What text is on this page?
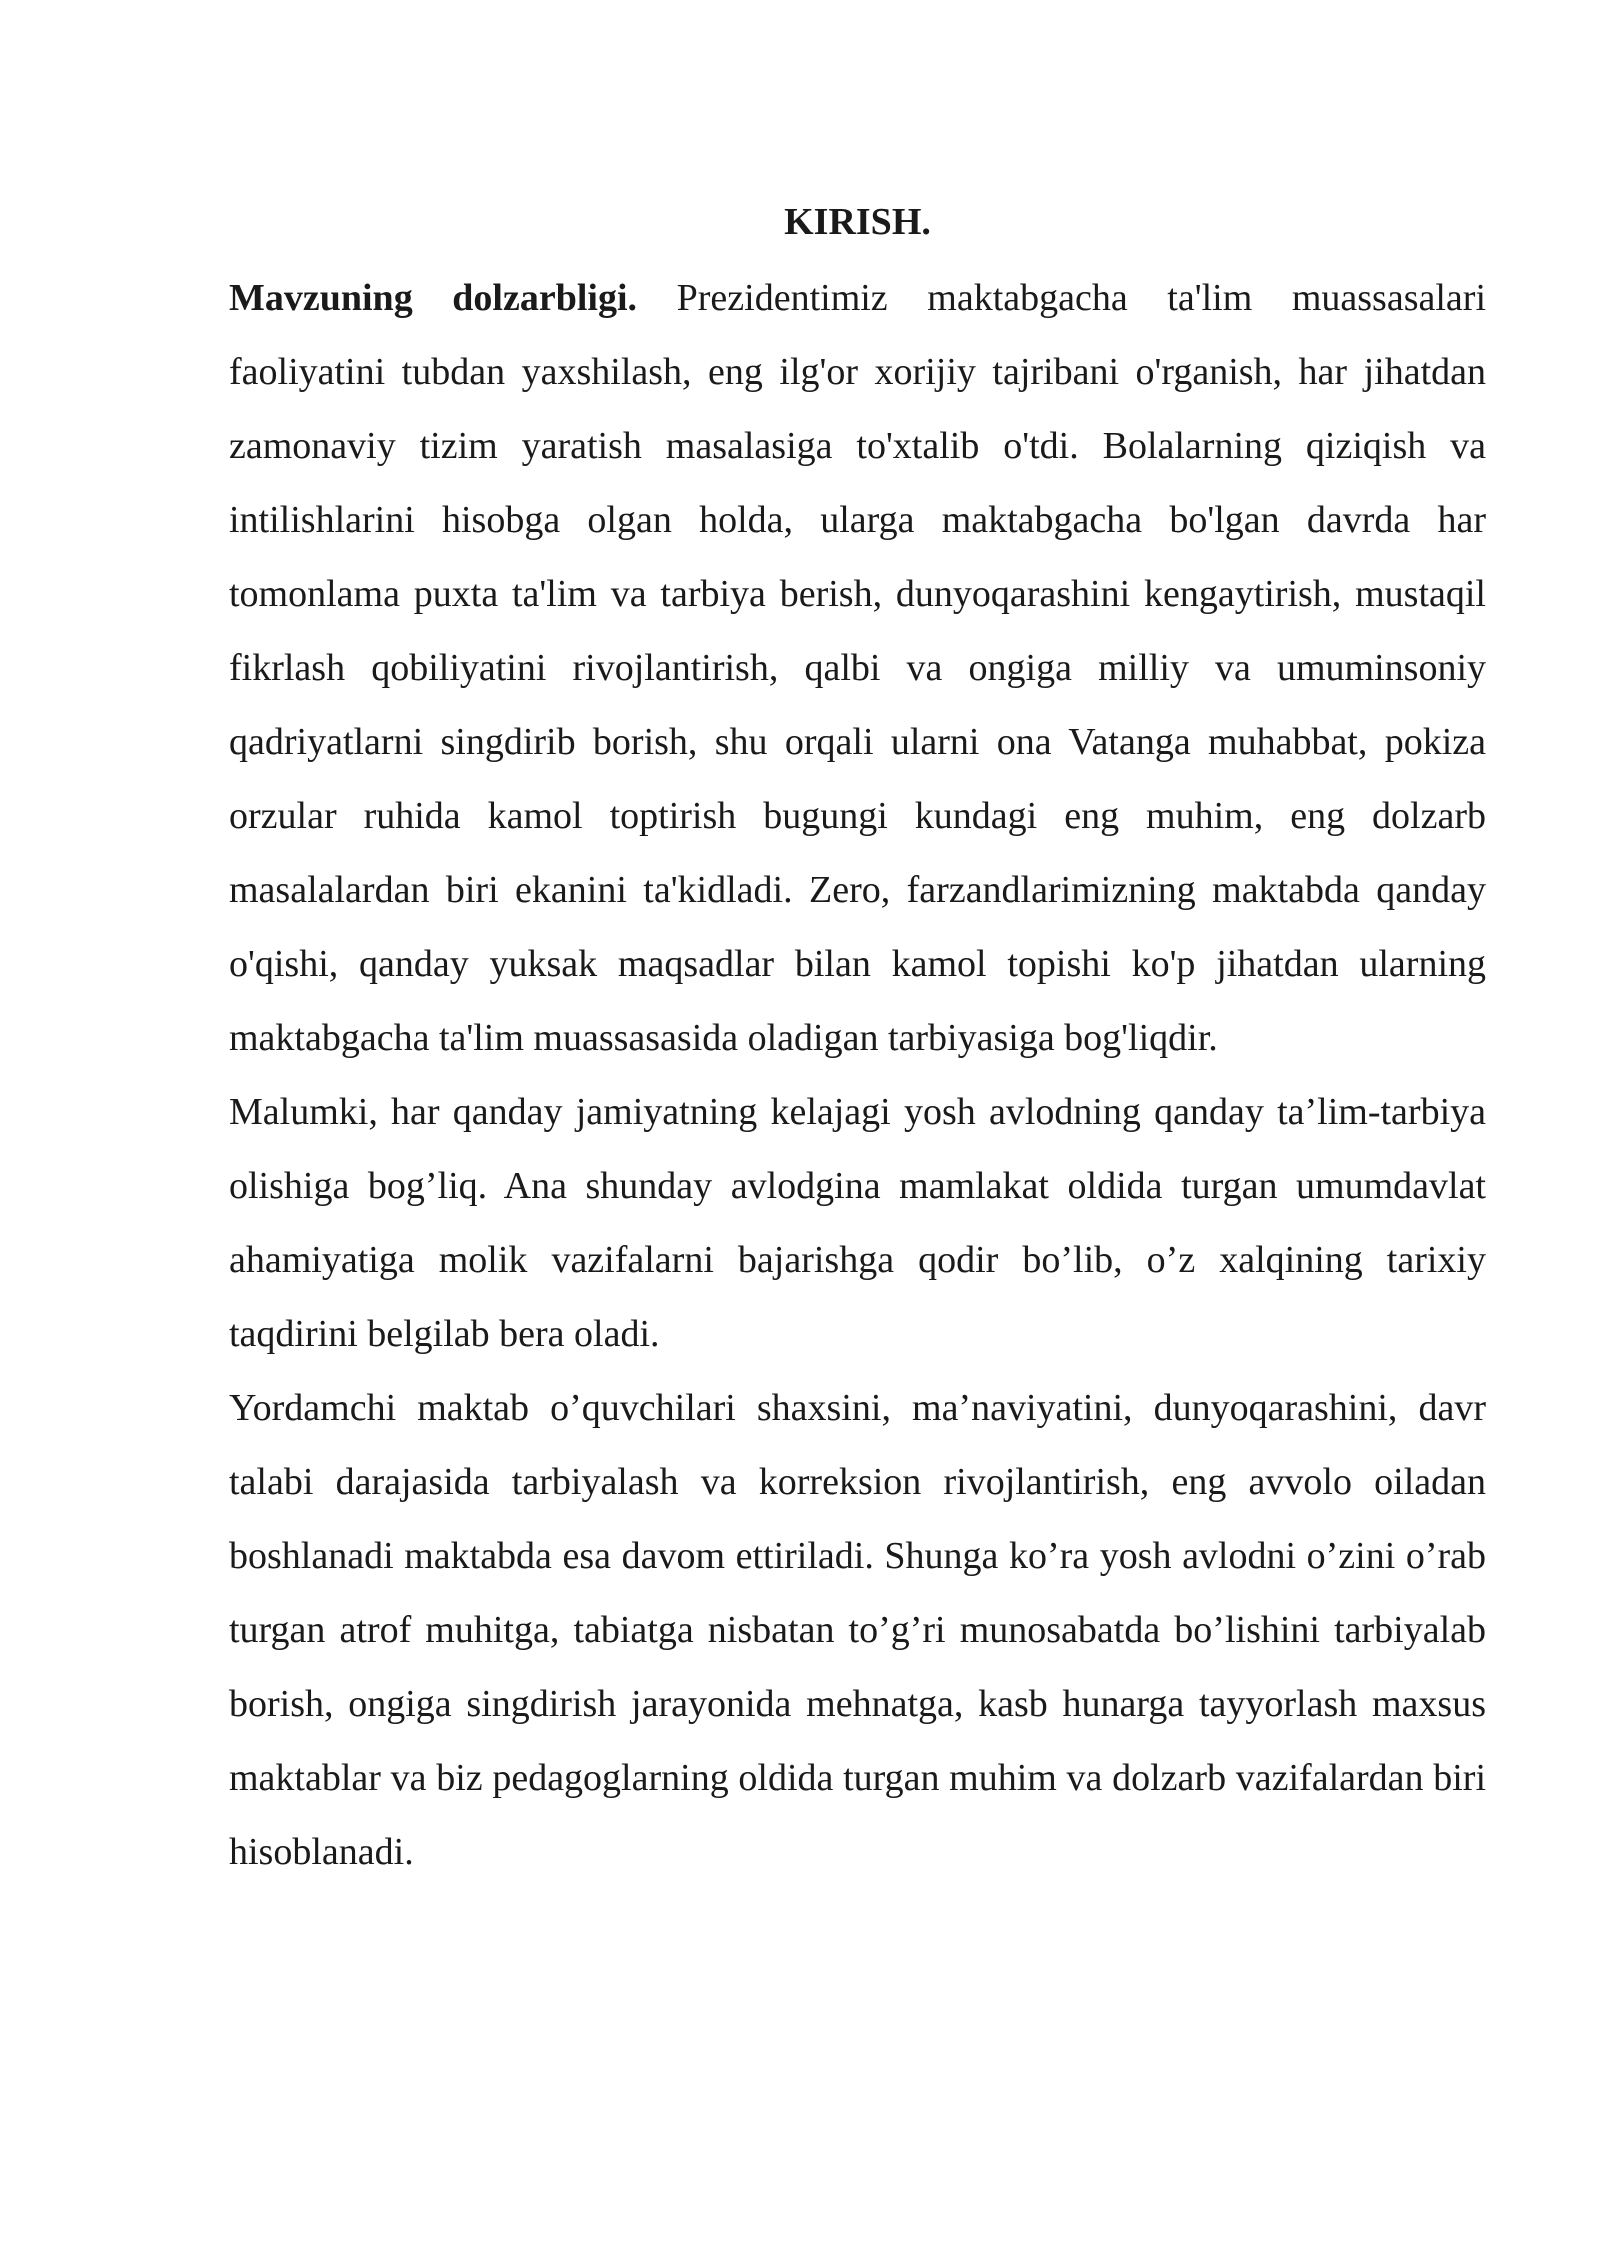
KIRISH.

Mavzuning dolzarbligi. Prezidentimiz maktabgacha ta'lim muassasalari faoliyatini tubdan yaxshilash, eng ilg'or xorijiy tajribani o'rganish, har jihatdan zamonaviy tizim yaratish masalasiga to'xtalib o'tdi. Bolalarning qiziqish va intilishlarini hisobga olgan holda, ularga maktabgacha bo'lgan davrda har tomonlama puxta ta'lim va tarbiya berish, dunyoqarashini kengaytirish, mustaqil fikrlash qobiliyatini rivojlantirish, qalbi va ongiga milliy va umuminsoniy qadriyatlarni singdirib borish, shu orqali ularni ona Vatanga muhabbat, pokiza orzular ruhida kamol toptirish bugungi kundagi eng muhim, eng dolzarb masalalardan biri ekanini ta'kidladi. Zero, farzandlarimizning maktabda qanday o'qishi, qanday yuksak maqsadlar bilan kamol topishi ko'p jihatdan ularning maktabgacha ta'lim muassasasida oladigan tarbiyasiga bog'liqdir.

Malumki, har qanday jamiyatning kelajagi yosh avlodning qanday ta’lim-tarbiya olishiga bog’liq. Ana shunday avlodgina mamlakat oldida turgan umumdavlat ahamiyatiga molik vazifalarni bajarishga qodir bo’lib, o’z xalqining tarixiy taqdirini belgilab bera oladi.

Yordamchi maktab o’quvchilari shaxsini, ma’naviyatini, dunyoqarashini, davr talabi darajasida tarbiyalash va korreksion rivojlantirish, eng avvolo oiladan boshlanadi maktabda esa davom ettiriladi. Shunga ko’ra yosh avlodni o’zini o’rab turgan atrof muhitga, tabiatga nisbatan to’g’ri munosabatda bo’lishini tarbiyalab borish, ongiga singdirish jarayonida mehnatga, kasb hunarga tayyorlash maxsus maktablar va biz pedagoglarning oldida turgan muhim va dolzarb vazifalardan biri hisoblanadi.
